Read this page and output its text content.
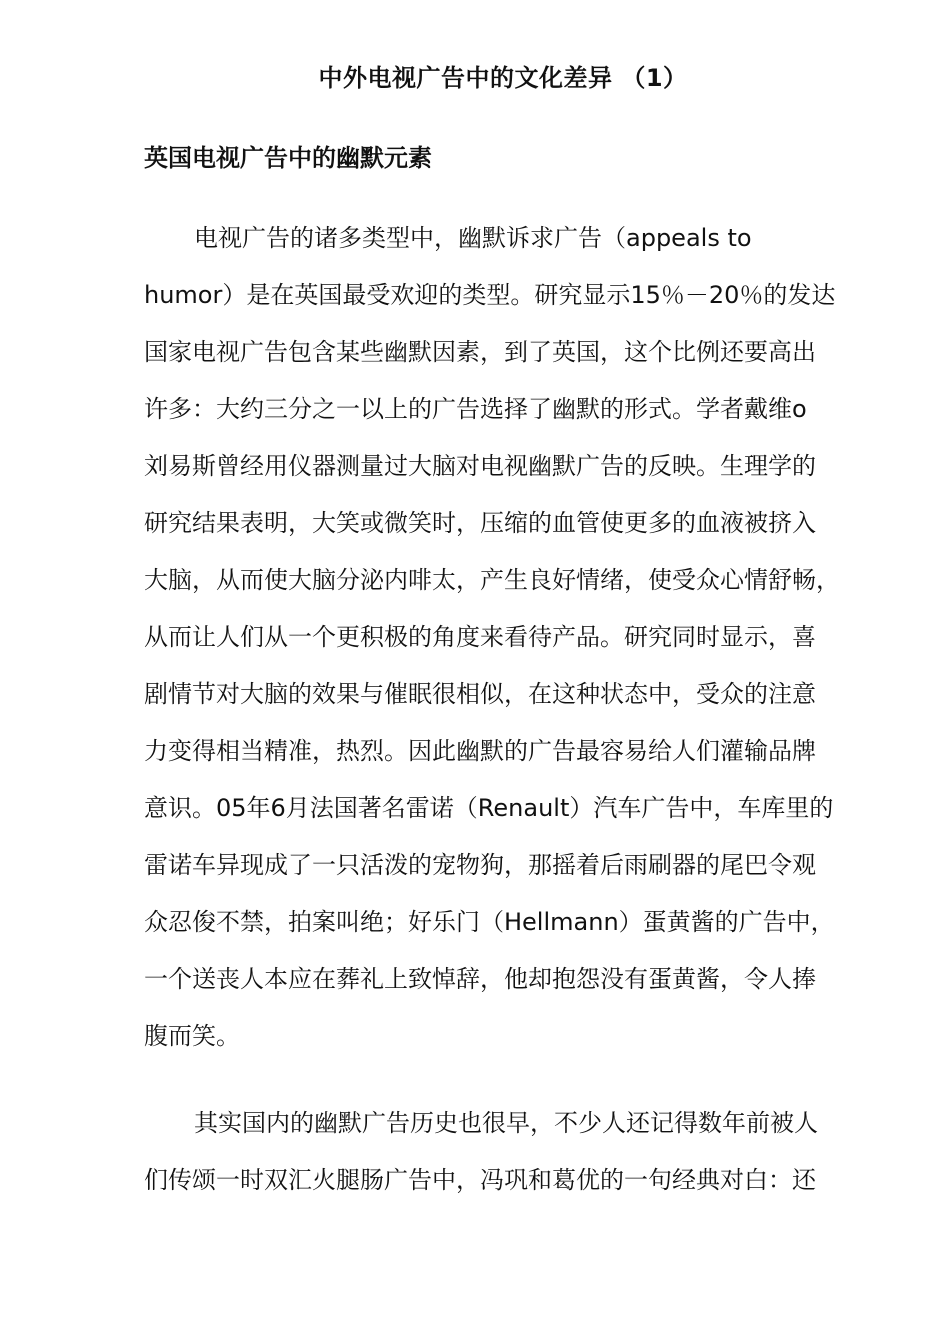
中外电视广告中的文化差异 （1）
英国电视广告中的幽默元素
电视广告的诸多类型中，幽默诉求广告（appeals to
humor）是在英国最受欢迎的类型。研究显示15％－20％的发达
国家电视广告包含某些幽默因素，到了英国，这个比例还要高出
许多：大约三分之一以上的广告选择了幽默的形式。学者戴维o
刘易斯曾经用仪器测量过大脑对电视幽默广告的反映。生理学的
研究结果表明，大笑或微笑时，压缩的血管使更多的血液被挤入
大脑，从而使大脑分泌内啡太，产生良好情绪，使受众心情舒畅，
从而让人们从一个更积极的角度来看待产品。研究同时显示，喜
剧情节对大脑的效果与催眠很相似，在这种状态中，受众的注意
力变得相当精准，热烈。因此幽默的广告最容易给人们灌输品牌
意识。05年6月法国著名雷诺（Renault）汽车广告中，车库里的
雷诺车异现成了一只活泼的宠物狗，那摇着后雨刷器的尾巴令观
众忍俊不禁，拍案叫绝；好乐门（Hellmann）蛋黄酱的广告中，
一个送丧人本应在葬礼上致悼辞，他却抱怨没有蛋黄酱，令人捧
腹而笑。
其实国内的幽默广告历史也很早，不少人还记得数年前被人
们传颂一时双汇火腿肠广告中，冯巩和葛优的一句经典对白：还
